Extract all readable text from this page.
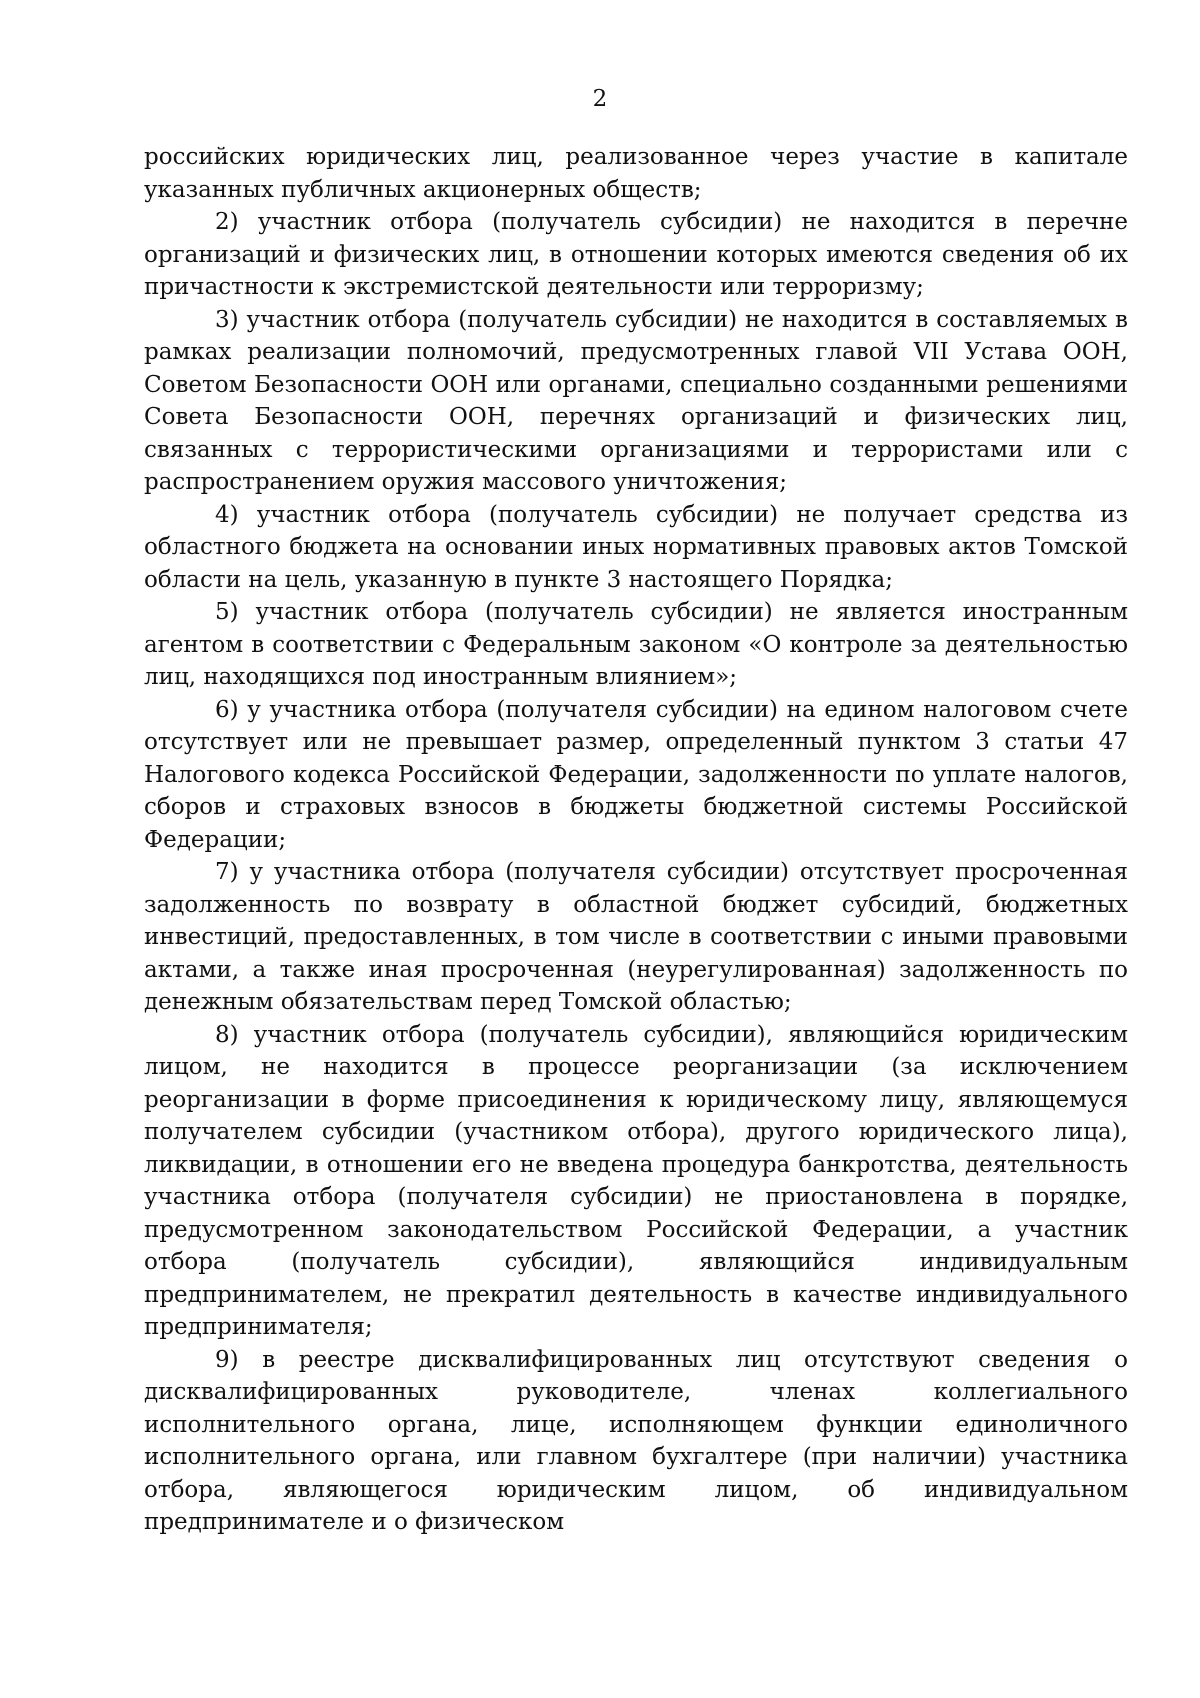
2

российских юридических лиц, реализованное через участие в капитале указанных публичных акционерных обществ;

2) участник отбора (получатель субсидии) не находится в перечне организаций и физических лиц, в отношении которых имеются сведения об их причастности к экстремистской деятельности или терроризму;

3) участник отбора (получатель субсидии) не находится в составляемых в рамках реализации полномочий, предусмотренных главой VII Устава ООН, Советом Безопасности ООН или органами, специально созданными решениями Совета Безопасности ООН, перечнях организаций и физических лиц, связанных с террористическими организациями и террористами или с распространением оружия массового уничтожения;

4) участник отбора (получатель субсидии) не получает средства из областного бюджета на основании иных нормативных правовых актов Томской области на цель, указанную в пункте 3 настоящего Порядка;

5) участник отбора (получатель субсидии) не является иностранным агентом в соответствии с Федеральным законом «О контроле за деятельностью лиц, находящихся под иностранным влиянием»;

6) у участника отбора (получателя субсидии) на едином налоговом счете отсутствует или не превышает размер, определенный пунктом 3 статьи 47 Налогового кодекса Российской Федерации, задолженности по уплате налогов, сборов и страховых взносов в бюджеты бюджетной системы Российской Федерации;

7) у участника отбора (получателя субсидии) отсутствует просроченная задолженность по возврату в областной бюджет субсидий, бюджетных инвестиций, предоставленных, в том числе в соответствии с иными правовыми актами, а также иная просроченная (неурегулированная) задолженность по денежным обязательствам перед Томской областью;

8) участник отбора (получатель субсидии), являющийся юридическим лицом, не находится в процессе реорганизации (за исключением реорганизации в форме присоединения к юридическому лицу, являющемуся получателем субсидии (участником отбора), другого юридического лица), ликвидации, в отношении его не введена процедура банкротства, деятельность участника отбора (получателя субсидии) не приостановлена в порядке, предусмотренном законодательством Российской Федерации, а участник отбора (получатель субсидии), являющийся индивидуальным предпринимателем, не прекратил деятельность в качестве индивидуального предпринимателя;

9) в реестре дисквалифицированных лиц отсутствуют сведения о дисквалифицированных руководителе, членах коллегиального исполнительного органа, лице, исполняющем функции единоличного исполнительного органа, или главном бухгалтере (при наличии) участника отбора, являющегося юридическим лицом, об индивидуальном предпринимателе и о физическом
